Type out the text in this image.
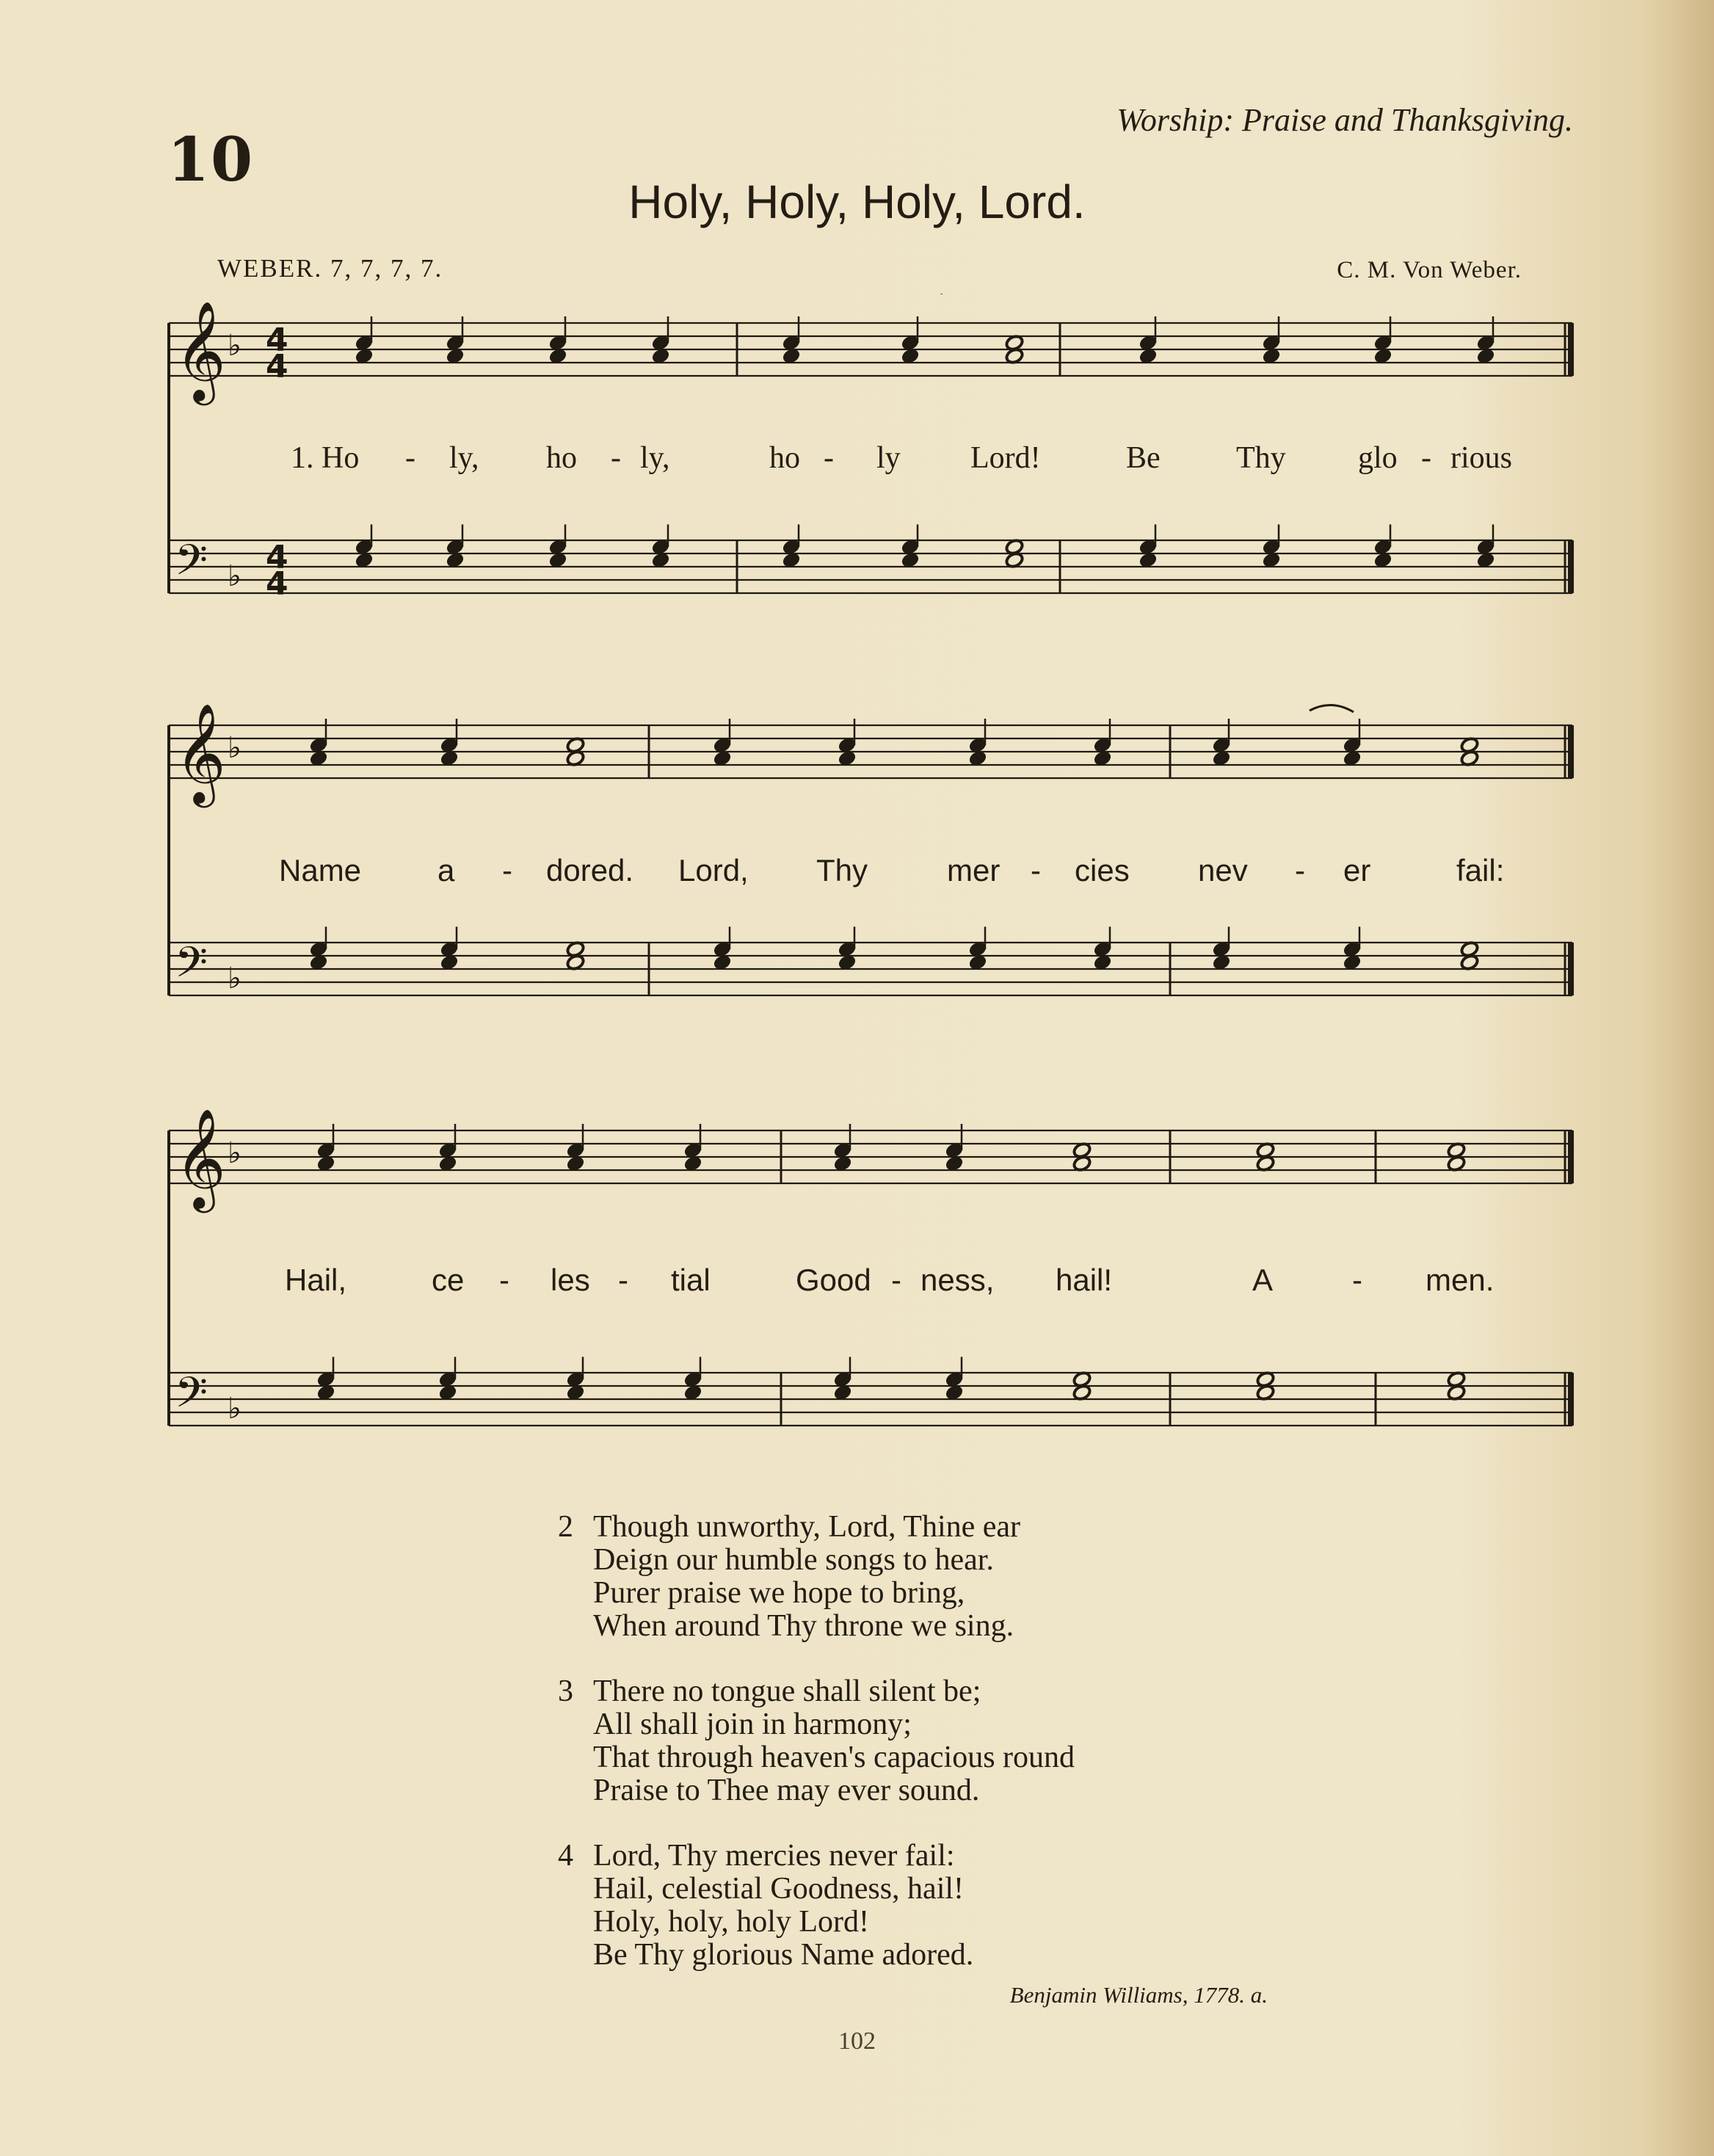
10
Worship: Praise and Thanksgiving.
Holy, Holy, Holy, Lord.
WEBER. 7, 7, 7, 7.	C. M. Von Weber.
𝄞
𝄢
♭
♭
4
4
4
4
1. Ho - ly, ho - ly,	ho - ly Lord!	Be Thy glo - rious
𝄞
𝄢
♭
♭
Name a - dored. Lord, Thy	mer - cies nev - er	fail:
𝄞
𝄢
♭
♭
Hail,	ce - les - tial	Good - ness, hail!	A	- men.
2 Though unworthy, Lord, Thine ear
Deign our humble songs to hear.
Purer praise we hope to bring,
When around Thy throne we sing.
3 There no tongue shall silent be;
All shall join in harmony;
That through heaven's capacious round
Praise to Thee may ever sound.
4 Lord, Thy mercies never fail:
Hail, celestial Goodness, hail!
Holy, holy, holy Lord!
Be Thy glorious Name adored.
Benjamin Williams, 1778. a.
102
